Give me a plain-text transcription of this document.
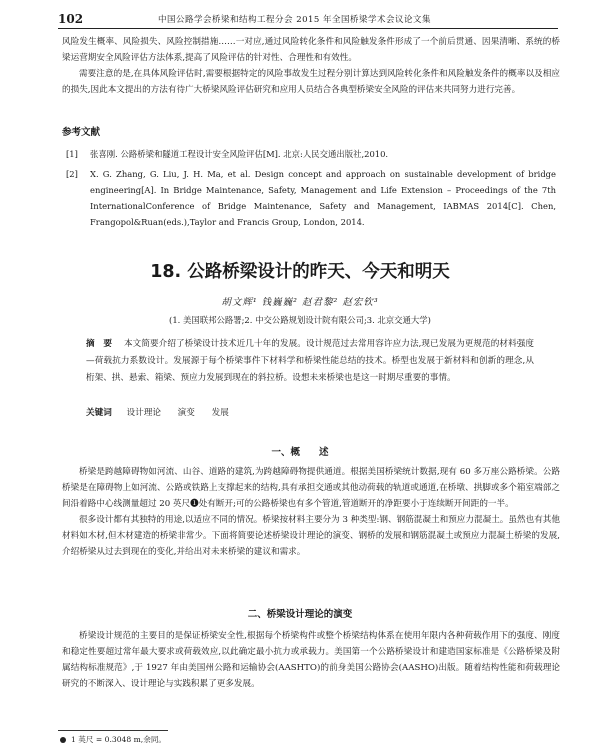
102	中国公路学会桥梁和结构工程分会 2015 年全国桥梁学术会议论文集

风险发生概率、风险损失、风险控制措施……一对应,通过风险转化条件和风险触发条件形成了一个前后贯通、因果清晰、系统的桥梁运营期安全风险评估方法体系,提高了风险评估的针对性、合理性和有效性。

需要注意的是,在具体风险评估时,需要根据特定的风险事故发生过程分别计算达到风险转化条件和风险触发条件的概率以及相应的损失,因此本文提出的方法有待广大桥梁风险评估研究和应用人员结合各典型桥梁安全风险的评估来共同努力进行完善。

参考文献
[1] 张喜刚. 公路桥梁和隧道工程设计安全风险评估[M]. 北京:人民交通出版社,2010.
[2] X. G. Zhang, G. Liu, J. H. Ma, et al. Design concept and approach on sustainable development of bridge engineering[A]. In Bridge Maintenance, Safety, Management and Life Extension – Proceedings of the 7th InternationalConference of Bridge Maintenance, Safety and Management, IABMAS 2014[C]. Chen, Frangopol&Ruan(eds.),Taylor and Francis Group, London, 2014.
18. 公路桥梁设计的昨天、今天和明天
胡文辉¹ 钱巍巍² 赵君黎² 赵宏钦³
(1. 美国联邦公路署;2. 中交公路规划设计院有限公司;3. 北京交通大学)
摘　要 本文简要介绍了桥梁设计技术近几十年的发展。设计规范过去常用容许应力法,现已发展为更规范的材料强度—荷载抗力系数设计。发展源于每个桥梁事件下材料学和桥梁性能总结的技术。桥型也发展于新材料和创新的理念,从桁架、拱、悬索、箱梁、预应力发展到现在的斜拉桥。设想未来桥梁也是这一时期尽重要的事情。
关键词 设计理论 演变 发展
一、概　　述

桥梁是跨越障碍物如河流、山谷、道路的建筑,为跨越障碍物提供通道。根据美国桥梁统计数据,现有 60 多万座公路桥梁。公路桥梁是在障碍物上如河流、公路或铁路上支撑起来的结构,具有承担交通或其他动荷载的轨道或通道,在桥墩、拱脚或多个箱室端部之间沿着路中心线测量超过 20 英尺❶处有断开;可的公路桥梁也有多个管道,管道断开的净距要小于连续断开间距的一半。

很多设计都有其独特的用途,以适应不同的情况。桥梁按材料主要分为 3 种类型:钢、钢筋混凝土和预应力混凝土。虽然也有其他材料如木材,但木材建造的桥梁非常少。下面将简要论述桥梁设计理论的演变、钢桥的发展和钢筋混凝土或预应力混凝土桥梁的发展,介绍桥梁从过去到现在的变化,并给出对未来桥梁的建议和需求。

二、桥梁设计理论的演变

桥梁设计规范的主要目的是保证桥梁安全性,根据每个桥梁构件或整个桥梁结构体系在使用年限内各种荷载作用下的强度、刚度和稳定性要超过常年最大要求或荷载效应,以此确定最小抗力或承载力。美国第一个公路桥梁设计和建造国家标准是《公路桥梁及附属结构标准规范》,于 1927 年由美国州公路和运输协会(AASHTO)的前身美国公路协会(AASHO)出版。随着结构性能和荷载理论研究的不断深入、设计理论与实践积累了更多发展。

1 英尺 = 0.3048 m,余同。
